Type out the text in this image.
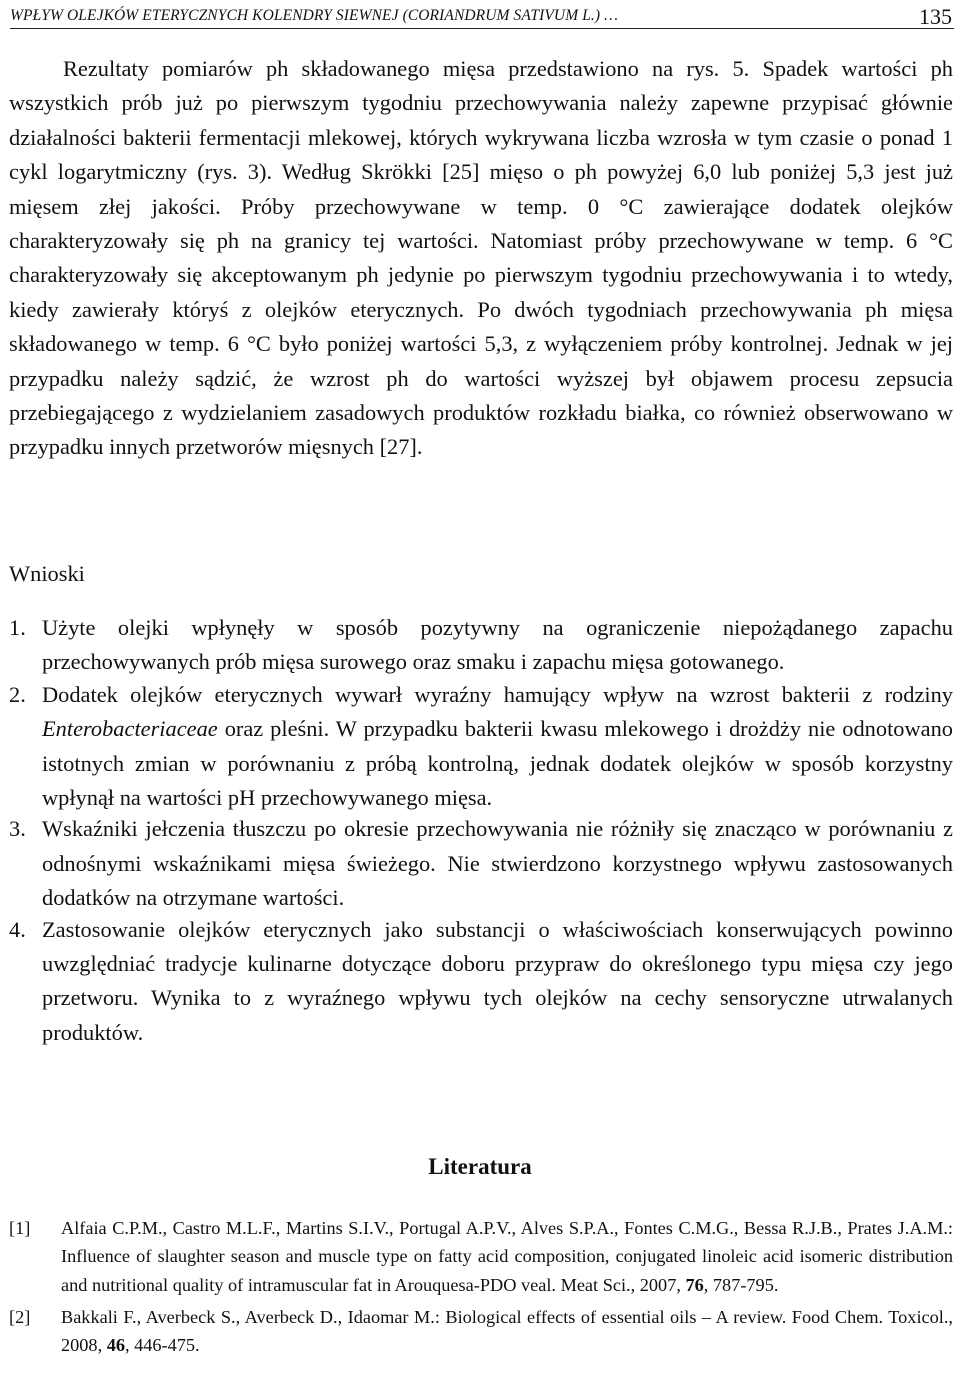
WPŁYW OLEJKÓW ETERYCZNYCH KOLENDRY SIEWNEJ (CORIANDRUM SATIVUM L.) …	135

Rezultaty pomiarów ph składowanego mięsa przedstawiono na rys. 5. Spadek wartości ph wszystkich prób już po pierwszym tygodniu przechowywania należy zapewne przypisać głównie działalności bakterii fermentacji mlekowej, których wykrywana liczba wzrosła w tym czasie o ponad 1 cykl logarytmiczny (rys. 3). Według Skrökki [25] mięso o ph powyżej 6,0 lub poniżej 5,3 jest już mięsem złej jakości. Próby przechowywane w temp. 0 °C zawierające dodatek olejków charakteryzowały się ph na granicy tej wartości. Natomiast próby przechowywane w temp. 6 °C charakteryzowały się akceptowanym ph jedynie po pierwszym tygodniu przechowywania i to wtedy, kiedy zawierały któryś z olejków eterycznych. Po dwóch tygodniach przechowywania ph mięsa składowanego w temp. 6 °C było poniżej wartości 5,3, z wyłączeniem próby kontrolnej. Jednak w jej przypadku należy sądzić, że wzrost ph do wartości wyższej był objawem procesu zepsucia przebiegającego z wydzielaniem zasadowych produktów rozkładu białka, co również obserwowano w przypadku innych przetworów mięsnych [27].

Wnioski
1. Użyte olejki wpłynęły w sposób pozytywny na ograniczenie niepożądanego zapachu przechowywanych prób mięsa surowego oraz smaku i zapachu mięsa gotowanego.
2. Dodatek olejków eterycznych wywarł wyraźny hamujący wpływ na wzrost bakterii z rodziny Enterobacteriaceae oraz pleśni. W przypadku bakterii kwasu mlekowego i drożdży nie odnotowano istotnych zmian w porównaniu z próbą kontrolną, jednak dodatek olejków w sposób korzystny wpłynął na wartości pH przechowywanego mięsa.
3. Wskaźniki jełczenia tłuszczu po okresie przechowywania nie różniły się znacząco w porównaniu z odnośnymi wskaźnikami mięsa świeżego. Nie stwierdzono korzystnego wpływu zastosowanych dodatków na otrzymane wartości.
4. Zastosowanie olejków eterycznych jako substancji o właściwościach konserwujących powinno uwzględniać tradycje kulinarne dotyczące doboru przypraw do określonego typu mięsa czy jego przetworu. Wynika to z wyraźnego wpływu tych olejków na cechy sensoryczne utrwalanych produktów.
Literatura
[1] Alfaia C.P.M., Castro M.L.F., Martins S.I.V., Portugal A.P.V., Alves S.P.A., Fontes C.M.G., Bessa R.J.B., Prates J.A.M.: Influence of slaughter season and muscle type on fatty acid composition, conjugated linoleic acid isomeric distribution and nutritional quality of intramuscular fat in Arouquesa-PDO veal. Meat Sci., 2007, 76, 787-795.
[2] Bakkali F., Averbeck S., Averbeck D., Idaomar M.: Biological effects of essential oils – A review. Food Chem. Toxicol., 2008, 46, 446-475.
